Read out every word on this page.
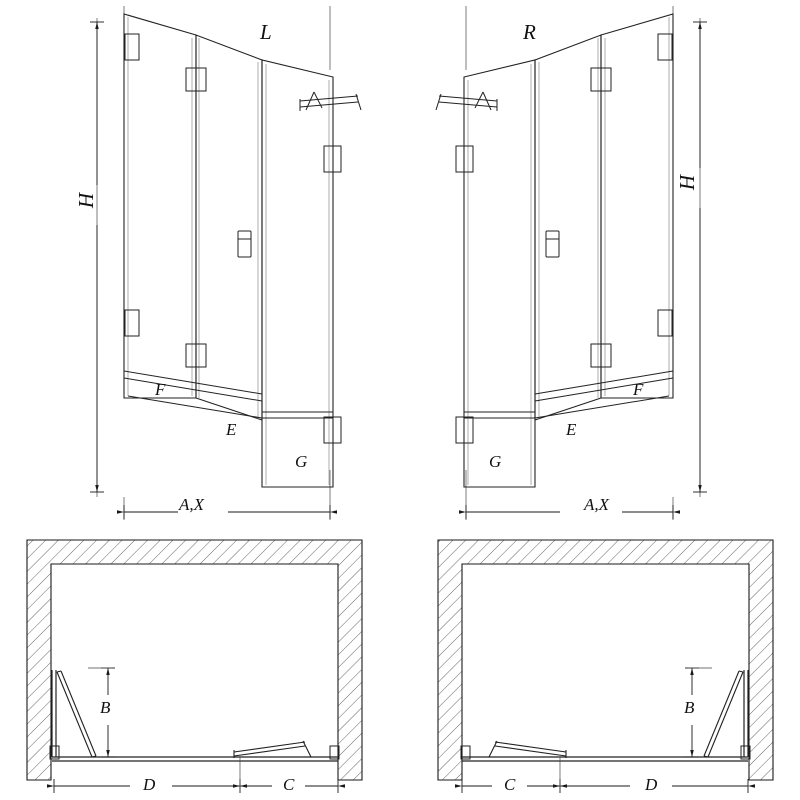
L
H
F
E
G
A,X
R
H
G
E
F
A,X
B
D	C
B
C	D
